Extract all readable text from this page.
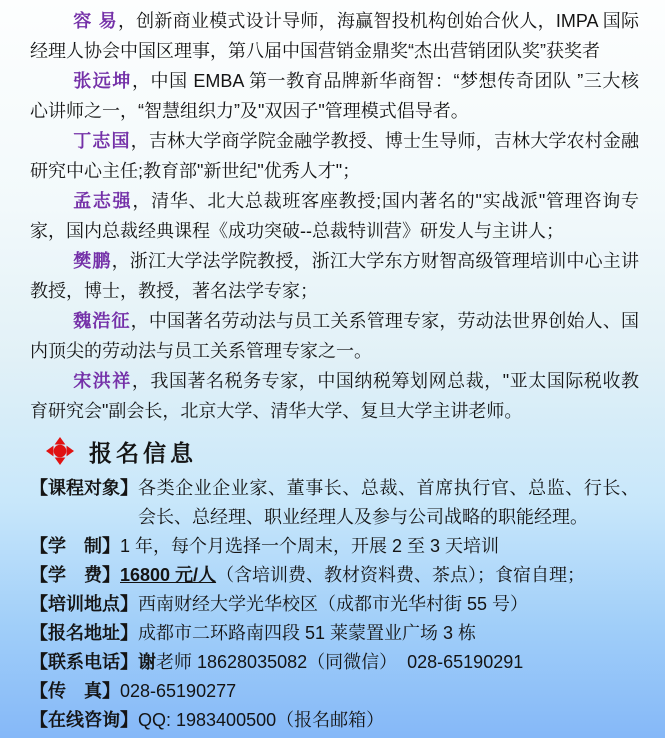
容 易，创新商业模式设计导师，海赢智投机构创始合伙人，IMPA 国际经理人协会中国区理事，第八届中国营销金鼎奖“杰出营销团队奖”获奖者

张远坤，中国 EMBA 第一教育品牌新华商智：“梦想传奇团队 ”三大核心讲师之一，“智慧组织力”及"双因子"管理模式倡导者。

丁志国，吉林大学商学院金融学教授、博士生导师，吉林大学农村金融研究中心主任;教育部"新世纪"优秀人才"；

孟志强，清华、北大总裁班客座教授;国内著名的"实战派"管理咨询专家，国内总裁经典课程《成功突破--总裁特训营》研发人与主讲人；

樊鹏，浙江大学法学院教授，浙江大学东方财智高级管理培训中心主讲教授，博士，教授，著名法学专家；

魏浩征，中国著名劳动法与员工关系管理专家，劳动法世界创始人、国内顶尖的劳动法与员工关系管理专家之一。

宋洪祥，我国著名税务专家，中国纳税筹划网总裁，"亚太国际税收教育研究会"副会长，北京大学、清华大学、复旦大学主讲老师。

报名信息

【课程对象】 各类企业企业家、董事长、总裁、首席执行官、总监、行长、会长、总经理、职业经理人及参与公司战略的职能经理。

【学　制】 1 年，每个月选择一个周末，开展 2 至 3 天培训

【学　费】 16800 元/人（含培训费、教材资料费、茶点）；食宿自理；

【培训地点】 西南财经大学光华校区（成都市光华村街 55 号）

【报名地址】 成都市二环路南四段 51 莱蒙置业广场 3 栋

【联系电话】 谢老师 18628035082（同微信）  028-65190291

【传　真】 028-65190277

【在线咨询】 QQ: 1983400500（报名邮箱）
